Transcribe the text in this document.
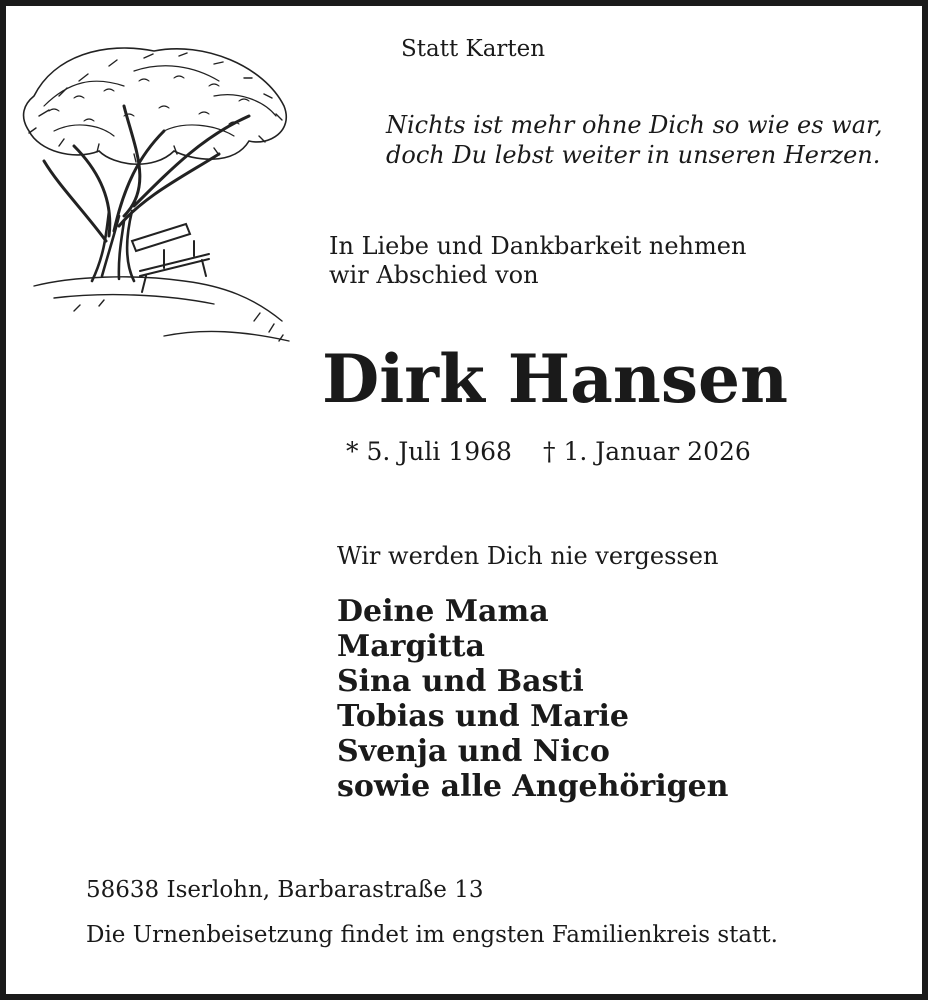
Statt Karten
Nichts ist mehr ohne Dich so wie es war,
doch Du lebst weiter in unseren Herzen.
In Liebe und Dankbarkeit nehmen
wir Abschied von
Dirk Hansen
* 5. Juli 1968 † 1. Januar 2026
Wir werden Dich nie vergessen
Deine Mama
Margitta
Sina und Basti
Tobias und Marie
Svenja und Nico
sowie alle Angehörigen
58638 Iserlohn, Barbarastraße 13
Die Urnenbeisetzung findet im engsten Familienkreis statt.
